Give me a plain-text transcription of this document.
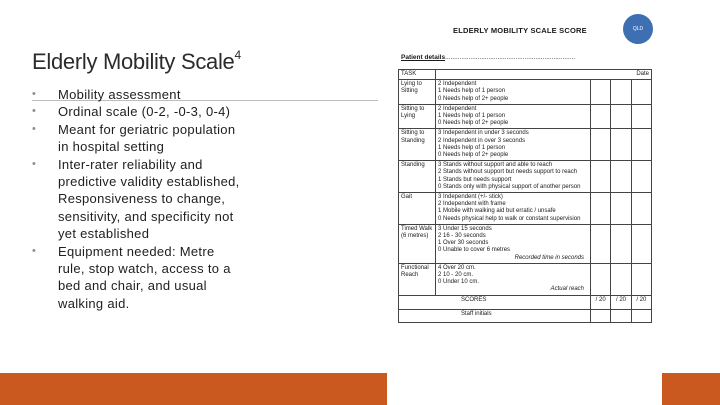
Elderly Mobility Scale$^4$
• Mobility assessment
• Ordinal scale (0-2, -0-3, 0-4)
• Meant for geriatric population in hospital setting
• Inter-rater reliability and predictive validity established, Responsiveness to change, sensitivity, and specificity not yet established
• Equipment needed: Metre rule, stop watch, access to a bed and chair, and usual walking aid.
ELDERLY MOBILITY SCALE SCORE	QLD
Patient details........................................................................
TASK	Date			
Lying to Sitting	2 Independent
1 Needs help of 1 person
0 Needs help of 2+ people			

Sitting to Lying	2 Independent
1 Needs help of 1 person
0 Needs help of 2+ people			

Sitting to Standing	3 Independent in under 3 seconds
2 Independent in over 3 seconds
1 Needs help of 1 person
0 Needs help of 2+ people			

Standing	3 Stands without support and able to reach
2 Stands without support but needs support to reach
1 Stands but needs support
0 Stands only with physical support of another person			

Gait	3 Independent (+/- stick)
2 Independent with frame
1 Mobile with walking aid but erratic / unsafe
0 Needs physical help to walk or constant supervision			

Timed Walk (6 metres)	3 Under 15 seconds
2 16 - 30 seconds
1 Over 30 seconds
0 Unable to cover 6 metres
Recorded time in seconds			

Functional Reach	4 Over 20 cm.
2 10 - 20 cm.
0 Under 10 cm.
Actual reach			

SCORES		/ 20	/ 20	/ 20
Staff initials				
